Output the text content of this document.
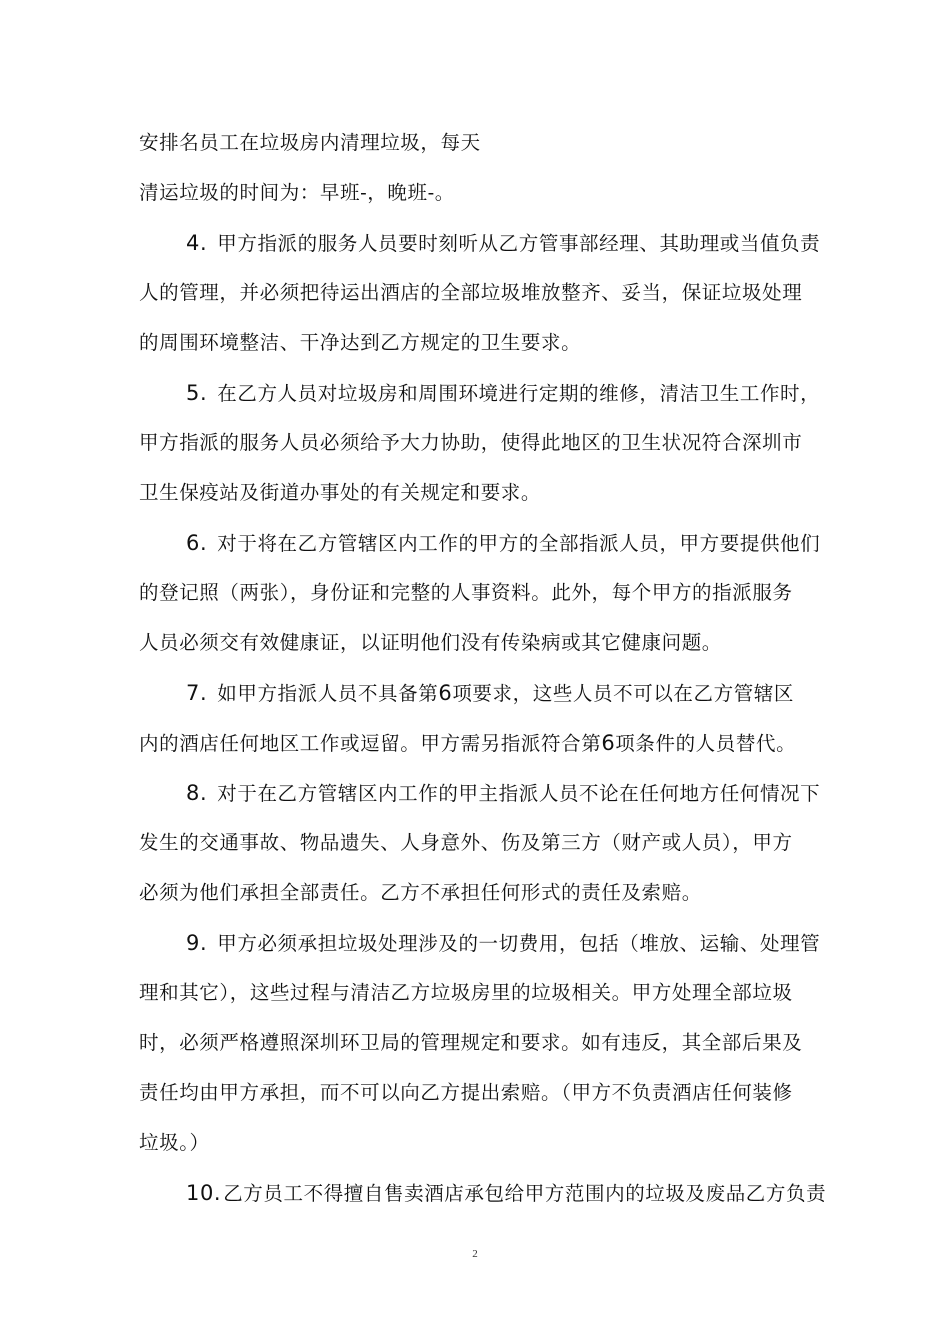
安排名员工在垃圾房内清理垃圾，每天
清运垃圾的时间为：早班-，晚班-。
4. 甲方指派的服务人员要时刻听从乙方管事部经理、其助理或当值负责
人的管理，并必须把待运出酒店的全部垃圾堆放整齐、妥当，保证垃圾处理
的周围环境整洁、干净达到乙方规定的卫生要求。
5. 在乙方人员对垃圾房和周围环境进行定期的维修，清洁卫生工作时，
甲方指派的服务人员必须给予大力协助，使得此地区的卫生状况符合深圳市
卫生保疫站及街道办事处的有关规定和要求。
6. 对于将在乙方管辖区内工作的甲方的全部指派人员，甲方要提供他们
的登记照（两张），身份证和完整的人事资料。此外，每个甲方的指派服务
人员必须交有效健康证，以证明他们没有传染病或其它健康问题。
7. 如甲方指派人员不具备第6项要求，这些人员不可以在乙方管辖区
内的酒店任何地区工作或逗留。甲方需另指派符合第6项条件的人员替代。
8. 对于在乙方管辖区内工作的甲主指派人员不论在任何地方任何情况下
发生的交通事故、物品遗失、人身意外、伤及第三方（财产或人员），甲方
必须为他们承担全部责任。乙方不承担任何形式的责任及索赔。
9. 甲方必须承担垃圾处理涉及的一切费用，包括（堆放、运输、处理管
理和其它），这些过程与清洁乙方垃圾房里的垃圾相关。甲方处理全部垃圾
时，必须严格遵照深圳环卫局的管理规定和要求。如有违反，其全部后果及
责任均由甲方承担，而不可以向乙方提出索赔。（甲方不负责酒店任何装修
垃圾。）
10. 乙方员工不得擅自售卖酒店承包给甲方范围内的垃圾及废品乙方负责
2
